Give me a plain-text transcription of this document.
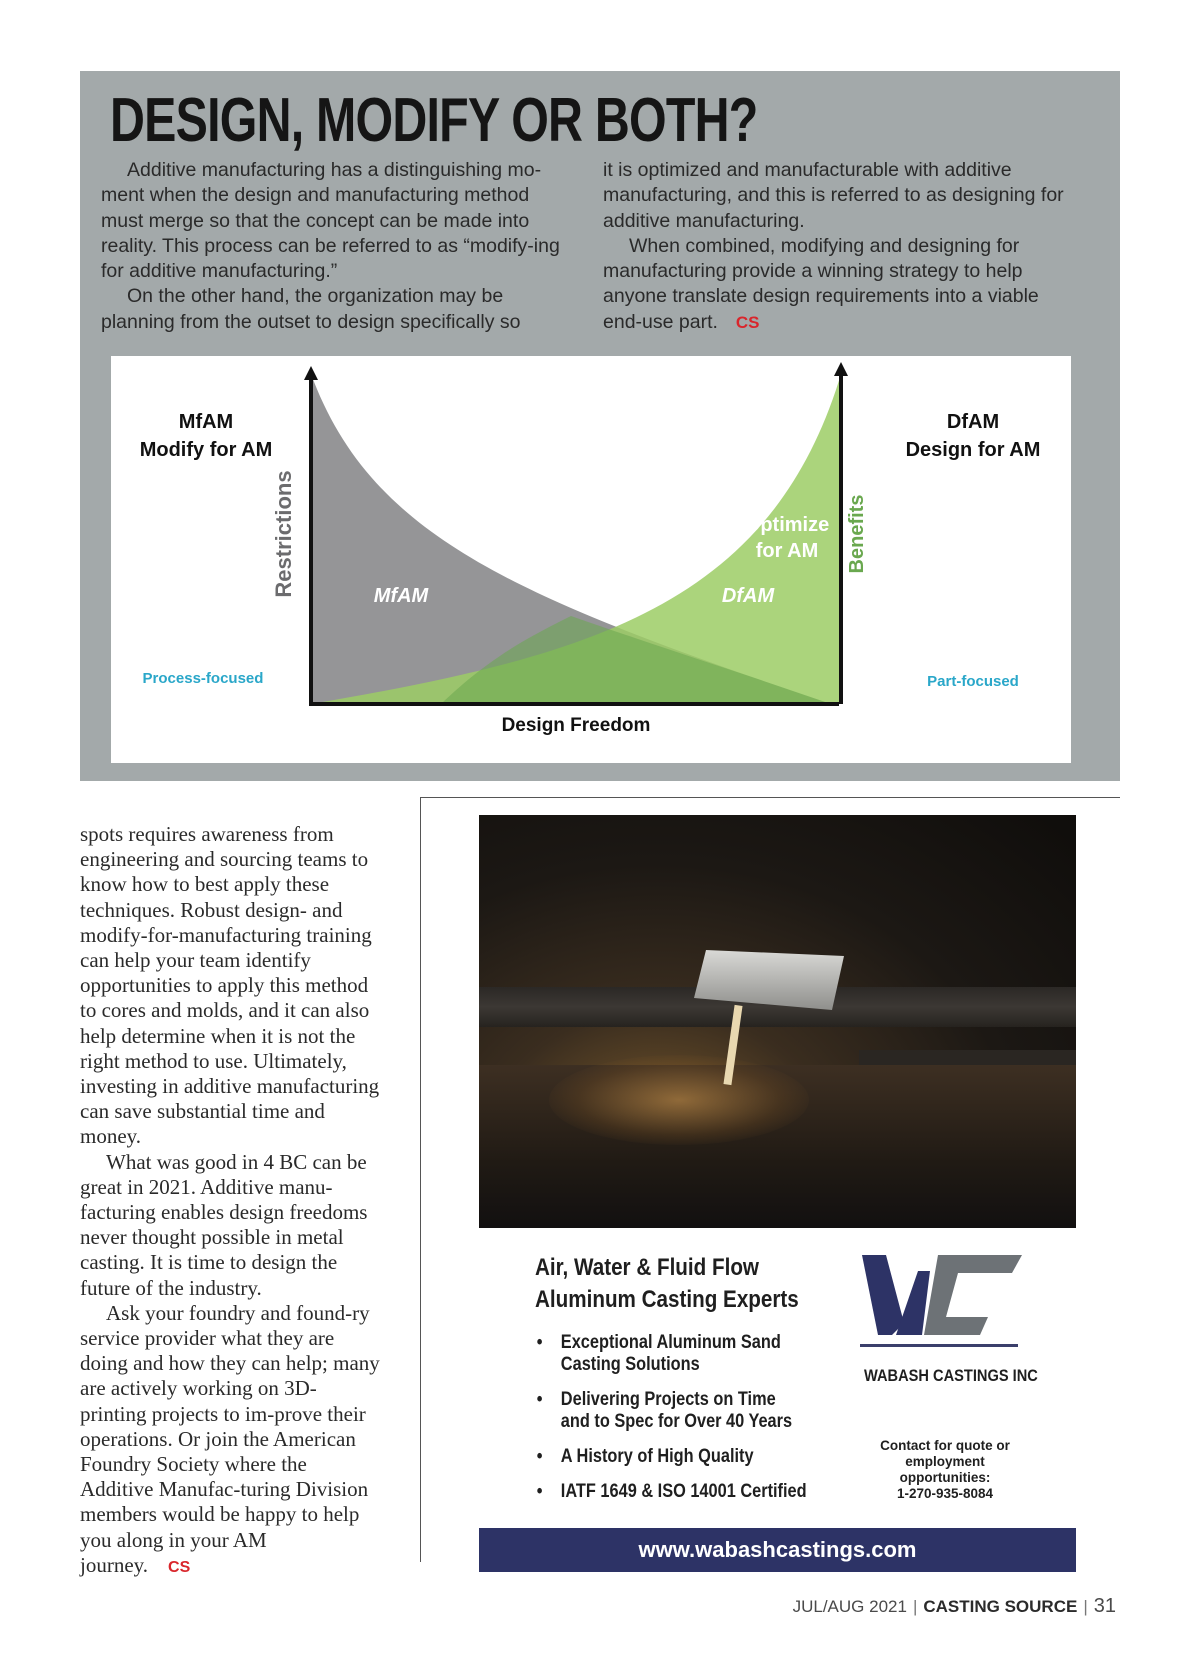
DESIGN, MODIFY OR BOTH?

Additive manufacturing has a distinguishing mo-ment when the design and manufacturing method must merge so that the concept can be made into reality. This process can be referred to as “modify-ing for additive manufacturing.”

On the other hand, the organization may be planning from the outset to design specifically so

it is optimized and manufacturable with additive manufacturing, and this is referred to as designing for additive manufacturing.

When combined, modifying and designing for manufacturing provide a winning strategy to help anyone translate design requirements into a viable end-use part. CS

MfAM
Modify for AM
DfAM
Design for AM
Restrictions	Benefits
MfAM	DfAM
Optimize
for AM
Process-focused	Part-focused
Design Freedom

spots requires awareness from engineering and sourcing teams to know how to best apply these techniques. Robust design- and modify-for-manufacturing training can help your team identify opportunities to apply this method to cores and molds, and it can also help determine when it is not the right method to use. Ultimately, investing in additive manufacturing can save substantial time and money.

What was good in 4 BC can be great in 2021. Additive manu-facturing enables design freedoms never thought possible in metal casting. It is time to design the future of the industry.

Ask your foundry and found-ry service provider what they are doing and how they can help; many are actively working on 3D-printing projects to im-prove their operations. Or join the American Foundry Society where the Additive Manufac-turing Division members would be happy to help you along in your AM journey. CS

Air, Water & Fluid Flow
Aluminum Casting Experts
• Exceptional Aluminum Sand
Casting Solutions
• Delivering Projects on Time
and to Spec for Over 40 Years
• A History of High Quality
• IATF 1649 & ISO 14001 Certified
WABASH CASTINGS INC
Contact for quote or
employment
opportunities:
1-270-935-8084
www.wabashcastings.com
JUL/AUG 2021 | CASTING SOURCE | 31
